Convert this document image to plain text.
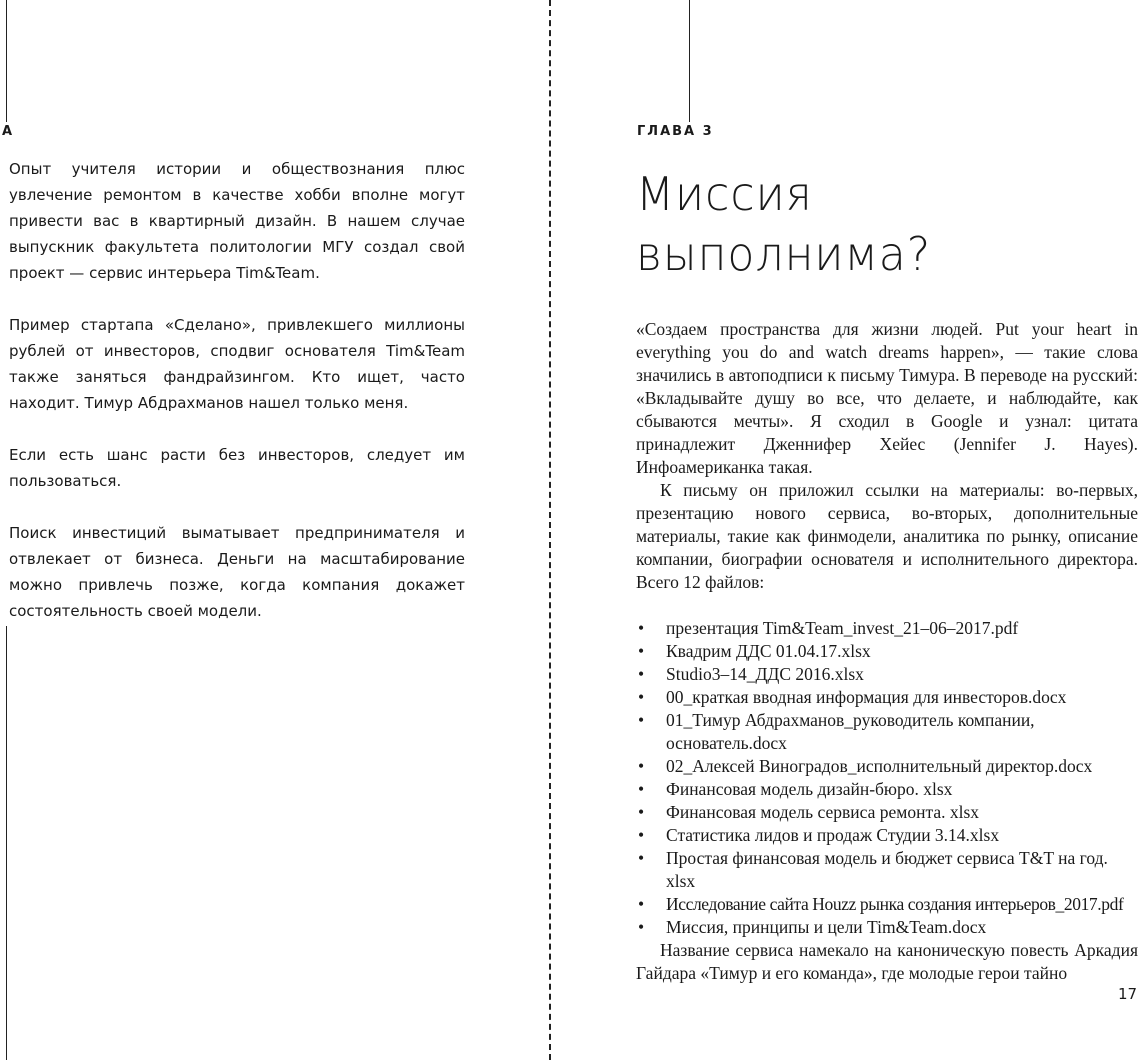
А

Опыт учителя истории и обществознания плюс увлечение ремонтом в качестве хобби вполне могут привести вас в квартирный дизайн. В нашем случае выпускник факультета политологии МГУ создал свой проект — сервис интерьера Tim&Team.

Пример стартапа «Сделано», привлекшего миллионы рублей от инвесторов, сподвиг основателя Tim&Team также заняться фандрайзингом. Кто ищет, часто находит. Тимур Абдрахманов нашел только меня.

Если есть шанс расти без инвесторов, следует им пользоваться.

Поиск инвестиций выматывает предпринимателя и отвлекает от бизнеса. Деньги на масштабирование можно привлечь позже, когда компания докажет состоятельность своей модели.

ГЛАВА 3
Миссия выполнима?

«Создаем пространства для жизни людей. Put your heart in everything you do and watch dreams happen», — такие слова значились в автоподписи к письму Тимура. В переводе на русский: «Вкладывайте душу во все, что делаете, и наблюдайте, как сбываются мечты». Я сходил в Google и узнал: цитата принадлежит Дженнифер Хейес (Jennifer J. Hayes). Инфоамериканка такая.

К письму он приложил ссылки на материалы: во-первых, презентацию нового сервиса, во-вторых, дополнительные материалы, такие как финмодели, аналитика по рынку, описание компании, биографии основателя и исполнительного директора. Всего 12 файлов:

• презентация Tim&Team_invest_21–06–2017.pdf
• Квадрим ДДС 01.04.17.xlsx
• Studio3–14_ДДС 2016.xlsx
• 00_краткая вводная информация для инвесторов.docx
• 01_Тимур Абдрахманов_руководитель компании, основатель.docx
• 02_Алексей Виноградов_исполнительный директор.docx
• Финансовая модель дизайн-бюро. xlsx
• Финансовая модель сервиса ремонта. xlsx
• Статистика лидов и продаж Студии 3.14.xlsx
• Простая финансовая модель и бюджет сервиса T&T на год. xlsx
• Исследование сайта Houzz рынка создания интерьеров_2017.pdf
• Миссия, принципы и цели Tim&Team.docx

Название сервиса намекало на каноническую повесть Аркадия Гайдара «Тимур и его команда», где молодые герои тайно

17
